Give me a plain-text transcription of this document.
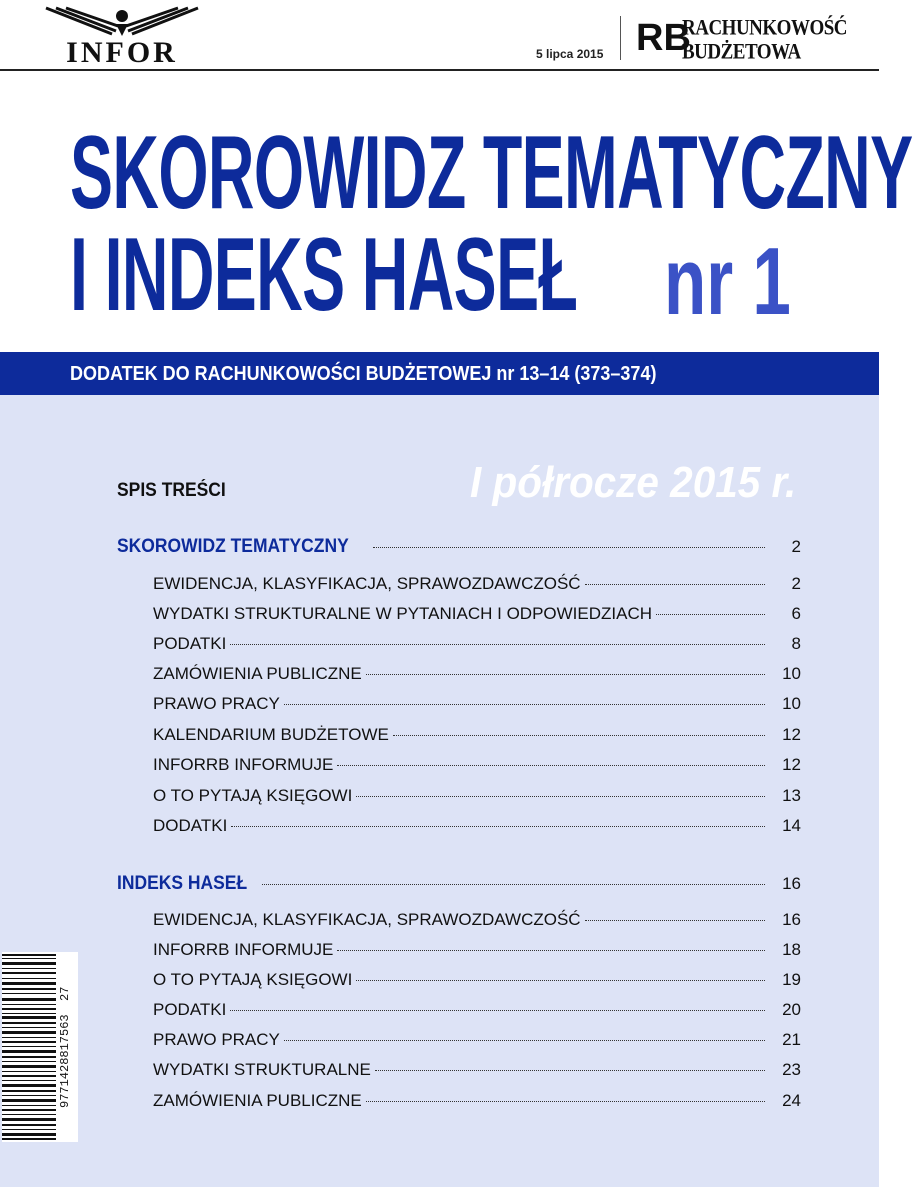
INFOR	5 lipca 2015 RB
RACHUNKOWOŚĆ
BUDŻETOWA
SKOROWIDZ TEMATYCZNY
I INDEKS HASEŁ nr 1
DODATEK DO RACHUNKOWOŚCI BUDŻETOWEJ nr 13–14 (373–374)
SPIS TREŚCI	I półrocze 2015 r.
SKOROWIDZ TEMATYCZNY	2
EWIDENCJA, KLASYFIKACJA, SPRAWOZDAWCZOŚĆ	2
WYDATKI STRUKTURALNE W PYTANIACH I ODPOWIEDZIACH	6
PODATKI	8
ZAMÓWIENIA PUBLICZNE	10
PRAWO PRACY	10
KALENDARIUM BUDŻETOWE	12
INFORRB INFORMUJE	12
O TO PYTAJĄ KSIĘGOWI	13
DODATKI	14
INDEKS HASEŁ	16
EWIDENCJA, KLASYFIKACJA, SPRAWOZDAWCZOŚĆ	16
INFORRB INFORMUJE	18
O TO PYTAJĄ KSIĘGOWI	19
PODATKI	20
PRAWO PRACY	21
WYDATKI STRUKTURALNE	23
ZAMÓWIENIA PUBLICZNE	24
9771428817563 27
